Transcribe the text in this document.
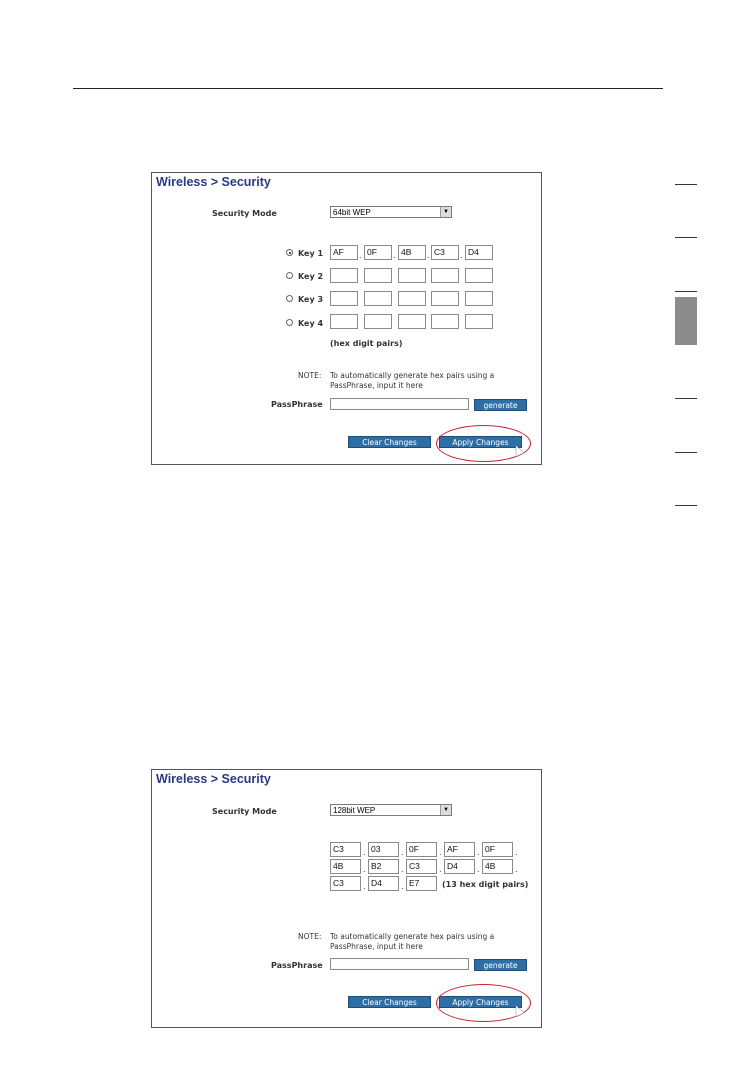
Wireless > Security
Security Mode	64bit WEP	▼
Key 1	AF	. 0F	. 4B	. C3	. D4
Key 2
Key 3
Key 4
(hex digit pairs)
NOTE: To automatically generate hex pairs using a
PassPhrase, input it here
PassPhrase	generate
Clear Changes	Apply Changes
Wireless > Security
Security Mode	128bit WEP	▼
C3	. 03	. 0F	. AF	. 0F	.
4B	. B2	. C3	. D4	. 4B	.
C3	. D4	. E7	(13 hex digit pairs)
NOTE: To automatically generate hex pairs using a
PassPhrase, input it here
PassPhrase	generate
Clear Changes	Apply Changes
